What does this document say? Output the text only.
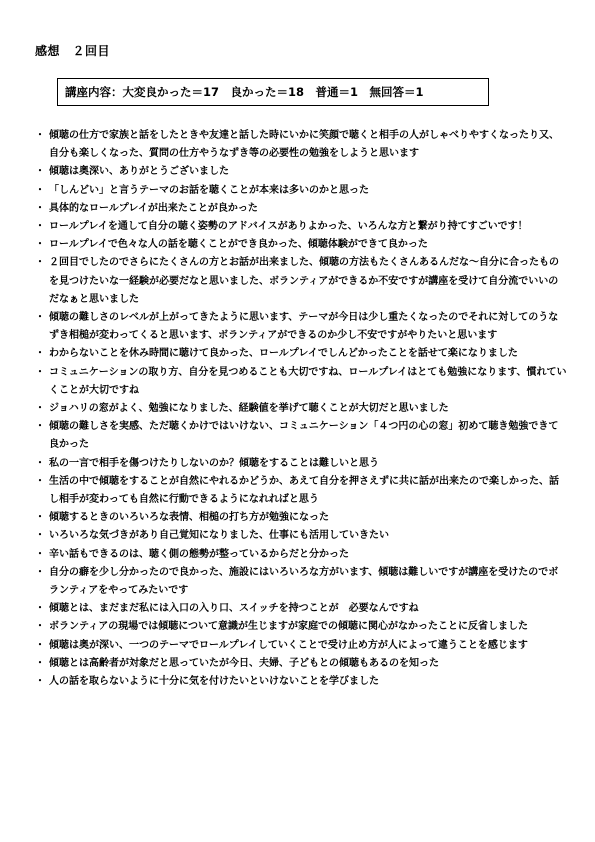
感想　２回目
講座内容：大変良かった＝17　良かった＝18　普通＝1　無回答＝1
・ 傾聴の仕方で家族と話をしたときや友達と話した時にいかに笑顔で聴くと相手の人がしゃべりやすくなったり又、自分も楽しくなった、質問の仕方やうなずき等の必要性の勉強をしようと思います
・ 傾聴は奥深い、ありがとうございました
・ 「しんどい」と言うテーマのお話を聴くことが本来は多いのかと思った
・ 具体的なロールプレイが出来たことが良かった
・ ロールプレイを通して自分の聴く姿勢のアドバイスがありよかった、いろんな方と繋がり持てすごいです！
・ ロールプレイで色々な人の話を聴くことができ良かった、傾聴体験ができて良かった
・ ２回目でしたのでさらにたくさんの方とお話が出来ました、傾聴の方法もたくさんあるんだな～自分に合ったものを見つけたいな一経験が必要だなと思いました、ボランティアができるか不安ですが講座を受けて自分流でいいのだなぁと思いました
・ 傾聴の難しさのレベルが上がってきたように思います、テーマが今日は少し重たくなったのでそれに対してのうなずき相槌が変わってくると思います、ボランティアができるのか少し不安ですがやりたいと思います
・ わからないことを休み時間に聴けて良かった、ロールプレイでしんどかったことを話せて楽になりました
・ コミュニケーションの取り方、自分を見つめることも大切ですね、ロールプレイはとても勉強になります、慣れていくことが大切ですね
・ ジョハリの窓がよく、勉強になりました、経験値を挙げて聴くことが大切だと思いました
・ 傾聴の難しさを実感、ただ聴くかけではいけない、コミュニケーション「４つ円の心の窓」初めて聴き勉強できて良かった
・ 私の一言で相手を傷つけたりしないのか？傾聴をすることは難しいと思う
・ 生活の中で傾聴をすることが自然にやれるかどうか、あえて自分を押さえずに共に話が出来たので楽しかった、話し相手が変わっても自然に行動できるようになれればと思う
・ 傾聴するときのいろいろな表情、相槌の打ち方が勉強になった
・ いろいろな気づきがあり自己覚知になりました、仕事にも活用していきたい
・ 辛い話もできるのは、聴く側の態勢が整っているからだと分かった
・ 自分の癖を少し分かったので良かった、施設にはいろいろな方がいます、傾聴は難しいですが講座を受けたのでボランティアをやってみたいです
・ 傾聴とは、まだまだ私には入口の入り口、スイッチを持つことが　必要なんですね
・ ボランティアの現場では傾聴について意識が生じますが家庭での傾聴に関心がなかったことに反省しました
・ 傾聴は奥が深い、一つのテーマでロールプレイしていくことで受け止め方が人によって違うことを感じます
・ 傾聴とは高齢者が対象だと思っていたが今日、夫婦、子どもとの傾聴もあるのを知った
・ 人の話を取らないように十分に気を付けたいといけないことを学びました
